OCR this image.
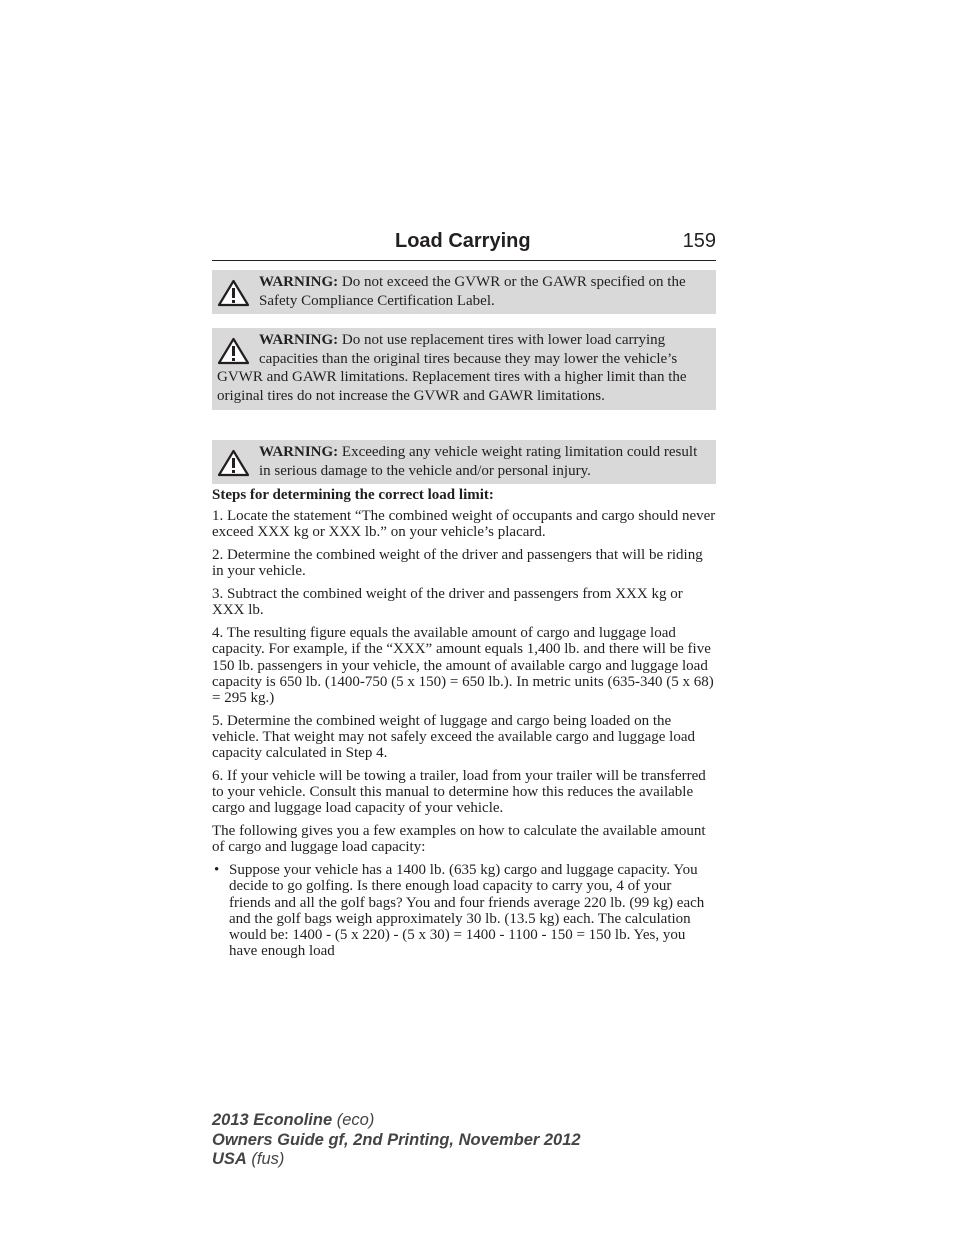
Load Carrying	159
WARNING: Do not exceed the GVWR or the GAWR specified on the Safety Compliance Certification Label.
WARNING: Do not use replacement tires with lower load carrying capacities than the original tires because they may lower the vehicle’s GVWR and GAWR limitations. Replacement tires with a higher limit than the original tires do not increase the GVWR and GAWR limitations.
WARNING: Exceeding any vehicle weight rating limitation could result in serious damage to the vehicle and/or personal injury.

Steps for determining the correct load limit:

1. Locate the statement “The combined weight of occupants and cargo should never exceed XXX kg or XXX lb.” on your vehicle’s placard.

2. Determine the combined weight of the driver and passengers that will be riding in your vehicle.

3. Subtract the combined weight of the driver and passengers from XXX kg or XXX lb.

4. The resulting figure equals the available amount of cargo and luggage load capacity. For example, if the “XXX” amount equals 1,400 lb. and there will be five 150 lb. passengers in your vehicle, the amount of available cargo and luggage load capacity is 650 lb. (1400-750 (5 x 150) = 650 lb.). In metric units (635-340 (5 x 68) = 295 kg.)

5. Determine the combined weight of luggage and cargo being loaded on the vehicle. That weight may not safely exceed the available cargo and luggage load capacity calculated in Step 4.

6. If your vehicle will be towing a trailer, load from your trailer will be transferred to your vehicle. Consult this manual to determine how this reduces the available cargo and luggage load capacity of your vehicle.

The following gives you a few examples on how to calculate the available amount of cargo and luggage load capacity:

• Suppose your vehicle has a 1400 lb. (635 kg) cargo and luggage capacity. You decide to go golfing. Is there enough load capacity to carry you, 4 of your friends and all the golf bags? You and four friends average 220 lb. (99 kg) each and the golf bags weigh approximately 30 lb. (13.5 kg) each. The calculation would be: 1400 - (5 x 220) - (5 x 30) = 1400 - 1100 - 150 = 150 lb. Yes, you have enough load
2013 Econoline (eco)
Owners Guide gf, 2nd Printing, November 2012
USA (fus)
